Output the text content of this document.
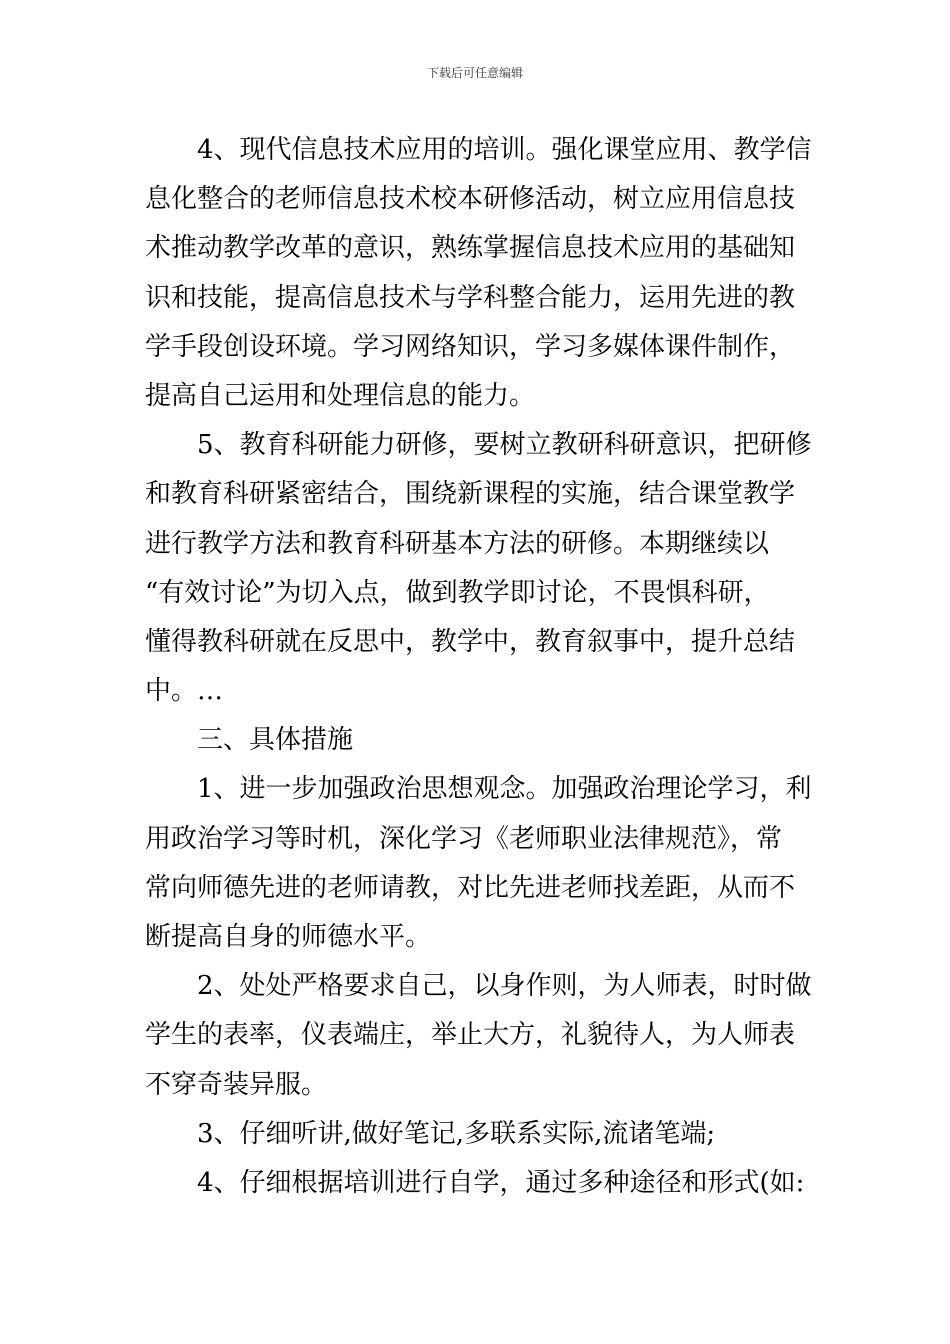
下载后可任意编辑
　　4、现代信息技术应用的培训。强化课堂应用、教学信
息化整合的老师信息技术校本研修活动，树立应用信息技
术推动教学改革的意识，熟练掌握信息技术应用的基础知
识和技能，提高信息技术与学科整合能力，运用先进的教
学手段创设环境。学习网络知识，学习多媒体课件制作，
提高自己运用和处理信息的能力。
　　5、教育科研能力研修，要树立教研科研意识，把研修
和教育科研紧密结合，围绕新课程的实施，结合课堂教学
进行教学方法和教育科研基本方法的研修。本期继续以
“有效讨论”为切入点，做到教学即讨论，不畏惧科研，
懂得教科研就在反思中，教学中，教育叙事中，提升总结
中。…
　　三、具体措施
　　1、进一步加强政治思想观念。加强政治理论学习，利
用政治学习等时机，深化学习《老师职业法律规范》，常
常向师德先进的老师请教，对比先进老师找差距，从而不
断提高自身的师德水平。
　　2、处处严格要求自己，以身作则，为人师表，时时做
学生的表率，仪表端庄，举止大方，礼貌待人，为人师表
不穿奇装异服。
　　3、仔细听讲,做好笔记,多联系实际,流诸笔端;
　　4、仔细根据培训进行自学，通过多种途径和形式(如:
